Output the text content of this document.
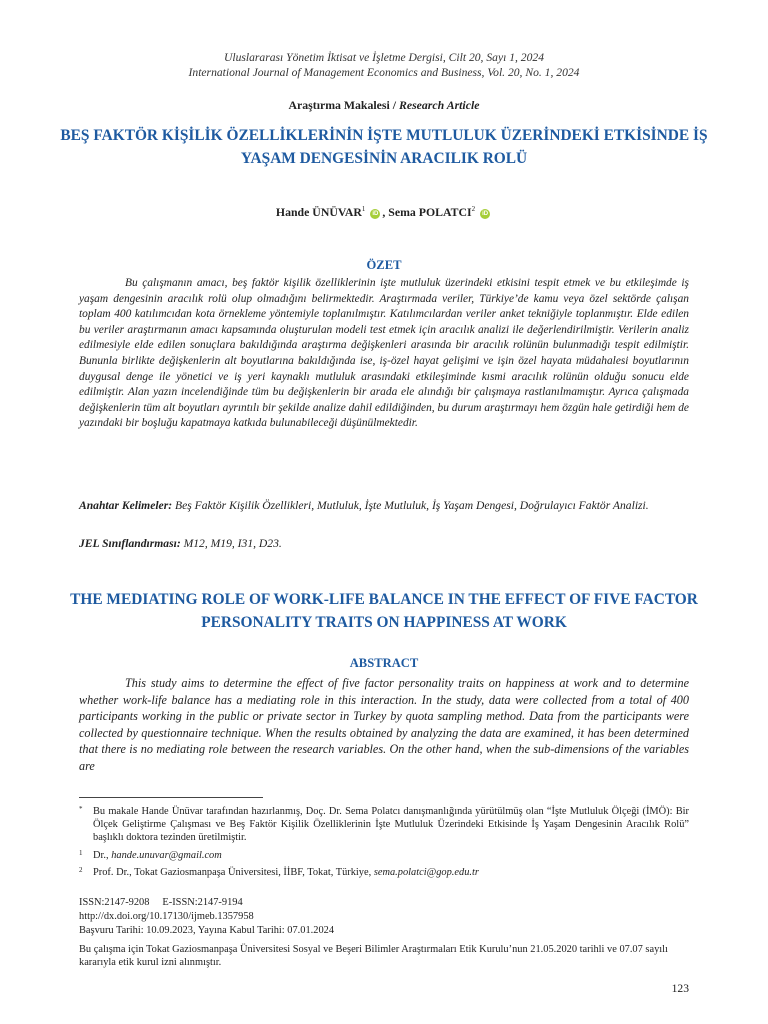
Uluslararası Yönetim İktisat ve İşletme Dergisi, Cilt 20, Sayı 1, 2024
International Journal of Management Economics and Business, Vol. 20, No. 1, 2024
Araştırma Makalesi / Research Article
BEŞ FAKTÖR KİŞİLİK ÖZELLİKLERİNİN İŞTE MUTLULUK ÜZERİNDEKİ ETKİSİNDE İŞ YAŞAM DENGESİNİN ARACILIK ROLÜ
Hande ÜNÜVAR$^1$ iD , Sema POLATCI$^2$ iD
ÖZET
Bu çalışmanın amacı, beş faktör kişilik özelliklerinin işte mutluluk üzerindeki etkisini tespit etmek ve bu etkileşimde iş yaşam dengesinin aracılık rolü olup olmadığını belirmektedir. Araştırmada veriler, Türkiye’de kamu veya özel sektörde çalışan toplam 400 katılımcıdan kota örnekleme yöntemiyle toplanılmıştır. Katılımcılardan veriler anket tekniğiyle toplanmıştır. Elde edilen bu veriler araştırmanın amacı kapsamında oluşturulan modeli test etmek için aracılık analizi ile değerlendirilmiştir. Verilerin analiz edilmesiyle elde edilen sonuçlara bakıldığında araştırma değişkenleri arasında bir aracılık rolünün bulunmadığı tespit edilmiştir. Bununla birlikte değişkenlerin alt boyutlarına bakıldığında ise, iş-özel hayat gelişimi ve işin özel hayata müdahalesi boyutlarının duygusal denge ile yönetici ve iş yeri kaynaklı mutluluk arasındaki etkileşiminde kısmi aracılık rolünün olduğu sonucu elde edilmiştir. Alan yazın incelendiğinde tüm bu değişkenlerin bir arada ele alındığı bir çalışmaya rastlanılmamıştır. Ayrıca çalışmada değişkenlerin tüm alt boyutları ayrıntılı bir şekilde analize dahil edildiğinden, bu durum araştırmayı hem özgün hale getirdiği hem de yazındaki bir boşluğu kapatmaya katkıda bulunabileceği düşünülmektedir.
Anahtar Kelimeler: Beş Faktör Kişilik Özellikleri, Mutluluk, İşte Mutluluk, İş Yaşam Dengesi, Doğrulayıcı Faktör Analizi.
JEL Sınıflandırması: M12, M19, I31, D23.
THE MEDIATING ROLE OF WORK-LIFE BALANCE IN THE EFFECT OF FIVE FACTOR PERSONALITY TRAITS ON HAPPINESS AT WORK
ABSTRACT
This study aims to determine the effect of five factor personality traits on happiness at work and to determine whether work-life balance has a mediating role in this interaction. In the study, data were collected from a total of 400 participants working in the public or private sector in Turkey by quota sampling method. Data from the participants were collected by questionnaire technique. When the results obtained by analyzing the data are examined, it has been determined that there is no mediating role between the research variables. On the other hand, when the sub-dimensions of the variables are
* Bu makale Hande Ünüvar tarafından hazırlanmış, Doç. Dr. Sema Polatcı danışmanlığında yürütülmüş olan “İşte Mutluluk Ölçeği (İMÖ): Bir Ölçek Geliştirme Çalışması ve Beş Faktör Kişilik Özelliklerinin İşte Mutluluk Üzerindeki Etkisinde İş Yaşam Dengesinin Aracılık Rolü” başlıklı doktora tezinden üretilmiştir.
1 Dr., hande.unuvar@gmail.com
2 Prof. Dr., Tokat Gaziosmanpaşa Üniversitesi, İİBF, Tokat, Türkiye, sema.polatci@gop.edu.tr
ISSN:2147-9208     E-ISSN:2147-9194
http://dx.doi.org/10.17130/ijmeb.1357958
Başvuru Tarihi: 10.09.2023, Yayına Kabul Tarihi: 07.01.2024
Bu çalışma için Tokat Gaziosmanpaşa Üniversitesi Sosyal ve Beşeri Bilimler Araştırmaları Etik Kurulu’nun 21.05.2020 tarihli ve 07.07 sayılı kararıyla etik kurul izni alınmıştır.
123
